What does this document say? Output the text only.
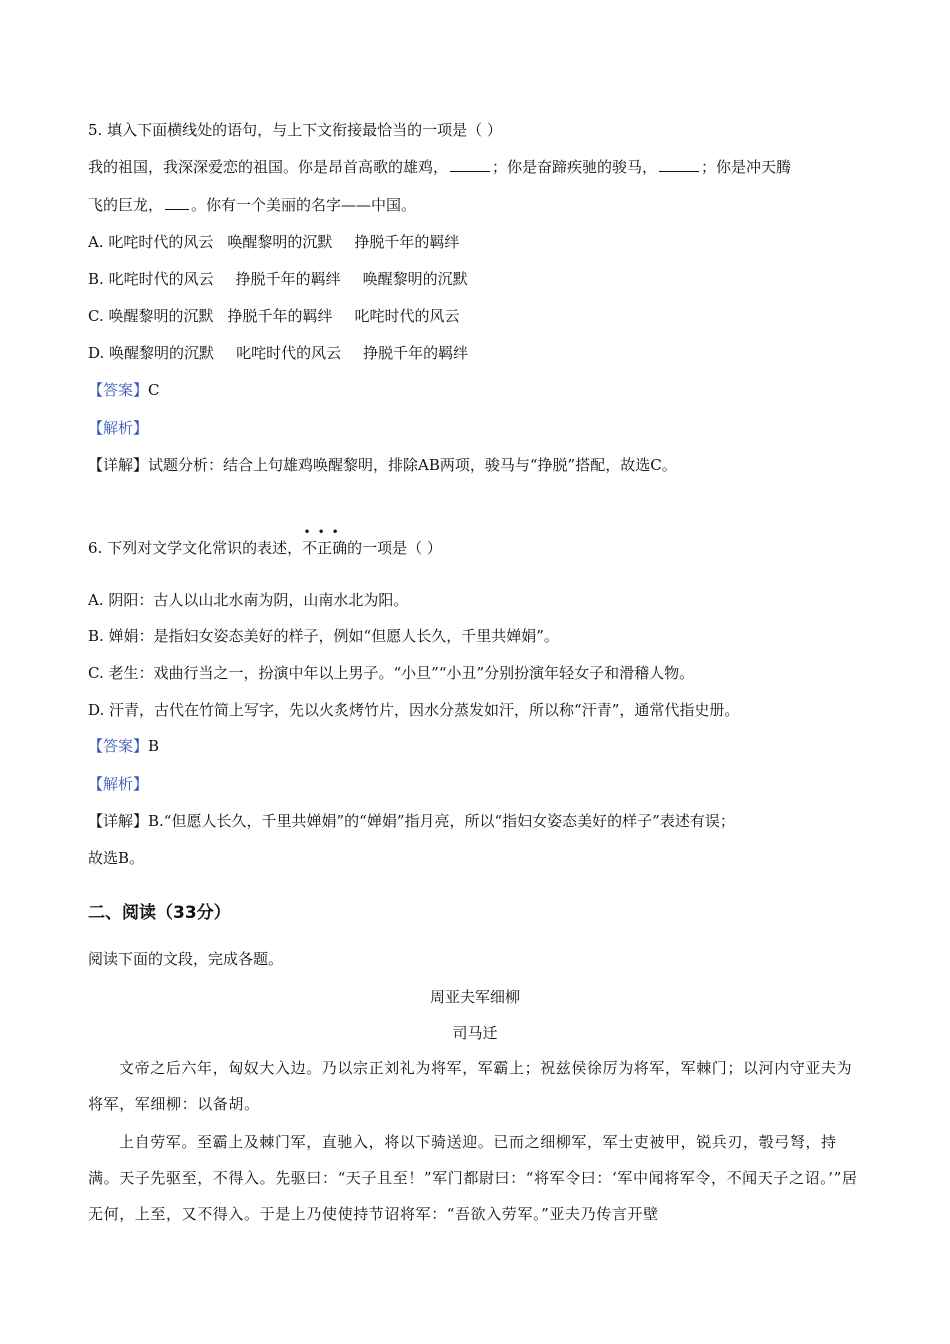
5. 填入下面横线处的语句，与上下文衔接最恰当的一项是（ ）
我的祖国，我深深爱恋的祖国。你是昂首高歌的雄鸡，	；你是奋蹄疾驰的骏马，	；你是冲天腾
飞的巨龙， 。你有一个美丽的名字——中国。
A. 叱咤时代的风云 唤醒黎明的沉默 挣脱千年的羁绊
B. 叱咤时代的风云 挣脱千年的羁绊 唤醒黎明的沉默
C. 唤醒黎明的沉默 挣脱千年的羁绊 叱咤时代的风云
D. 唤醒黎明的沉默 叱咤时代的风云 挣脱千年的羁绊
【答案】C
【解析】
【详解】试题分析：结合上句雄鸡唤醒黎明，排除AB两项，骏马与“挣脱”搭配，故选C。
6. 下列对文学文化常识的表述，
•••
不正确的一项是（ ）
A. 阴阳：古人以山北水南为阴，山南水北为阳。
B. 婵娟：是指妇女姿态美好的样子，例如“但愿人长久，千里共婵娟”。
C. 老生：戏曲行当之一，扮演中年以上男子。“小旦”“小丑”分别扮演年轻女子和滑稽人物。
D. 汗青，古代在竹简上写字，先以火炙烤竹片，因水分蒸发如汗，所以称“汗青”，通常代指史册。
【答案】B
【解析】
【详解】B.“但愿人长久，千里共婵娟”的“婵娟”指月亮，所以“指妇女姿态美好的样子”表述有误；
故选B。
二、阅读（33分）
阅读下面的文段，完成各题。
周亚夫军细柳
司马迁
文帝之后六年，匈奴大入边。乃以宗正刘礼为将军，军霸上；祝兹侯徐厉为将军，军棘门；以河内守亚夫为将军，军细柳：以备胡。
上自劳军。至霸上及棘门军，直驰入，将以下骑送迎。已而之细柳军，军士吏被甲，锐兵刃，彀弓弩，持满。天子先驱至，不得入。先驱曰：“天子且至！”军门都尉曰：“将军令曰：‘军中闻将军令，不闻天子之诏。’”居无何，上至，又不得入。于是上乃使使持节诏将军：“吾欲入劳军。”亚夫乃传言开壁
